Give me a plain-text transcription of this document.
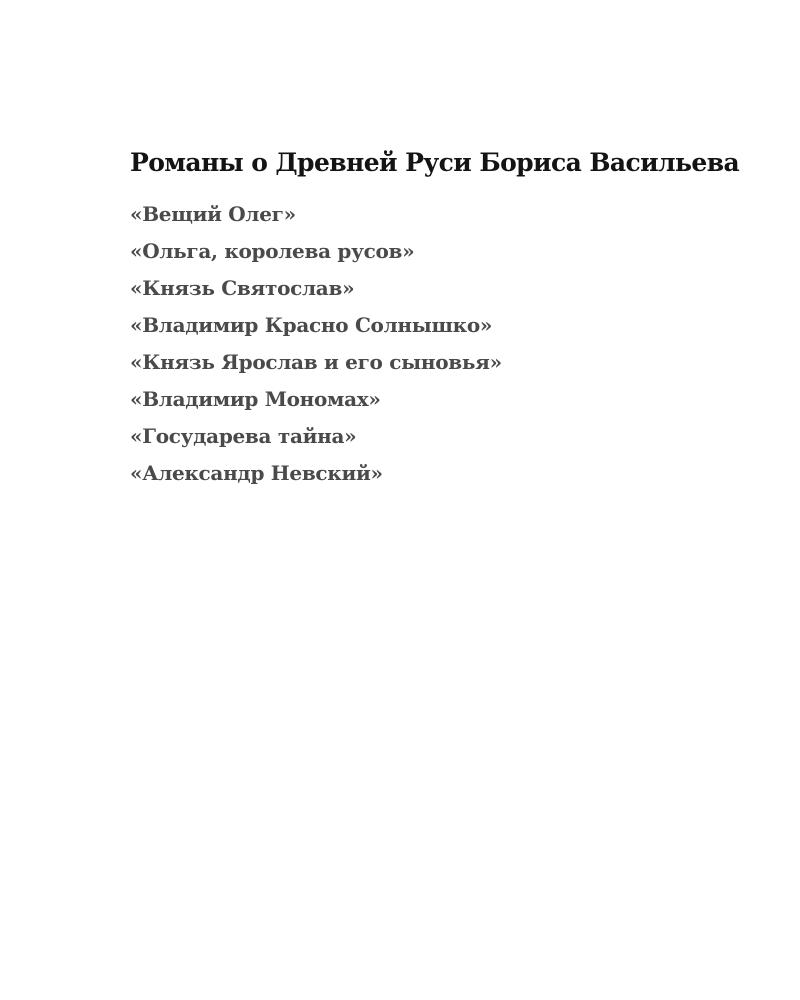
Романы о Древней Руси Бориса Васильева
«Вещий Олег»
«Ольга, королева русов»
«Князь Святослав»
«Владимир Красно Солнышко»
«Князь Ярослав и его сыновья»
«Владимир Мономах»
«Государева тайна»
«Александр Невский»
